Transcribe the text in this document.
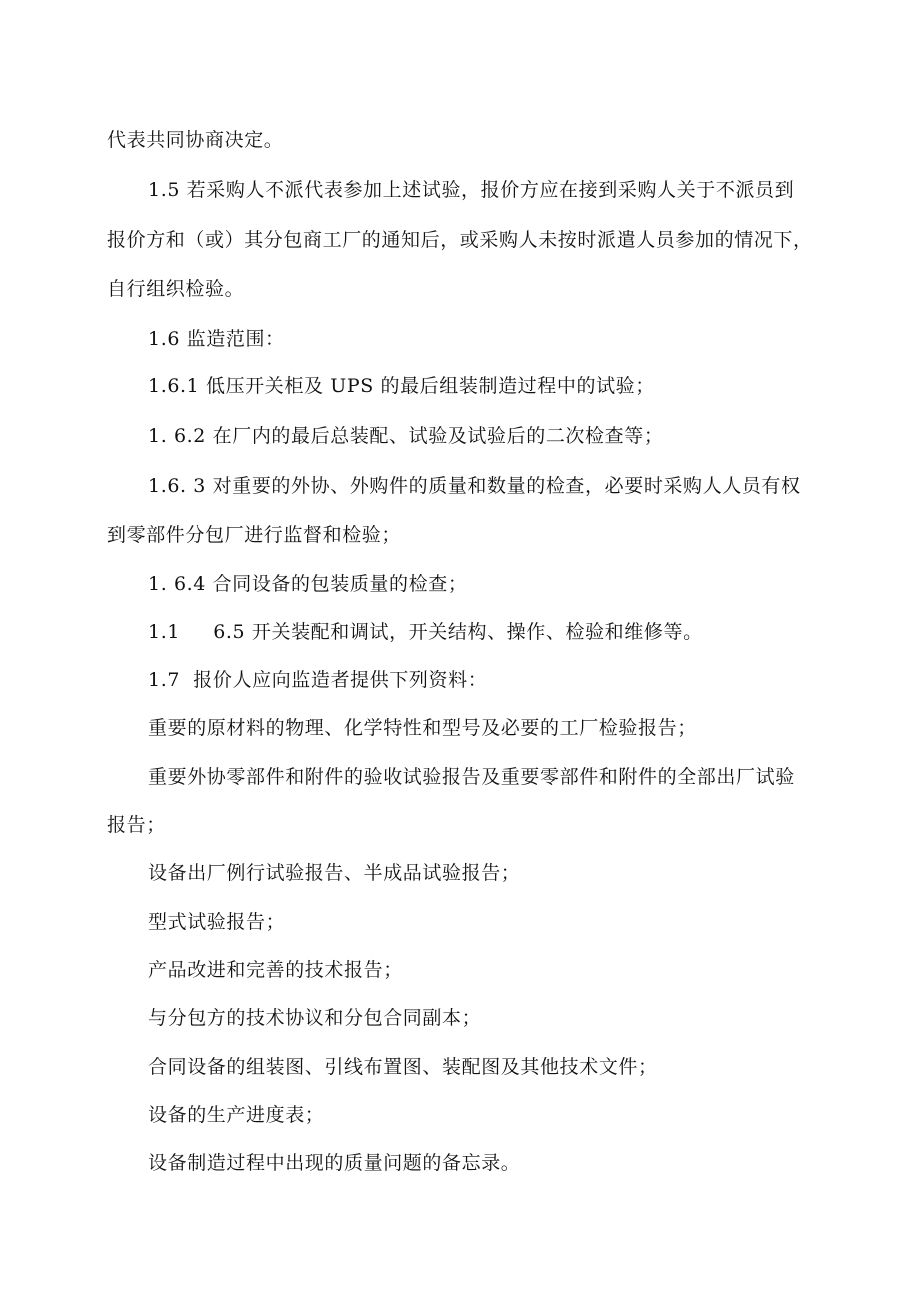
代表共同协商决定。
1.5 若采购人不派代表参加上述试验，报价方应在接到采购人关于不派员到
报价方和（或）其分包商工厂的通知后，或采购人未按时派遣人员参加的情况下，
自行组织检验。
1.6 监造范围：
1.6.1 低压开关柜及 UPS 的最后组装制造过程中的试验；
1. 6.2 在厂内的最后总装配、试验及试验后的二次检查等；
1.6. 3 对重要的外协、外购件的质量和数量的检查，必要时采购人人员有权
到零部件分包厂进行监督和检验；
1. 6.4 合同设备的包装质量的检查；
1.1     6.5 开关装配和调试，开关结构、操作、检验和维修等。
1.7  报价人应向监造者提供下列资料：
重要的原材料的物理、化学特性和型号及必要的工厂检验报告；
重要外协零部件和附件的验收试验报告及重要零部件和附件的全部出厂试验
报告；
设备出厂例行试验报告、半成品试验报告；
型式试验报告；
产品改进和完善的技术报告；
与分包方的技术协议和分包合同副本；
合同设备的组装图、引线布置图、装配图及其他技术文件；
设备的生产进度表；
设备制造过程中出现的质量问题的备忘录。
